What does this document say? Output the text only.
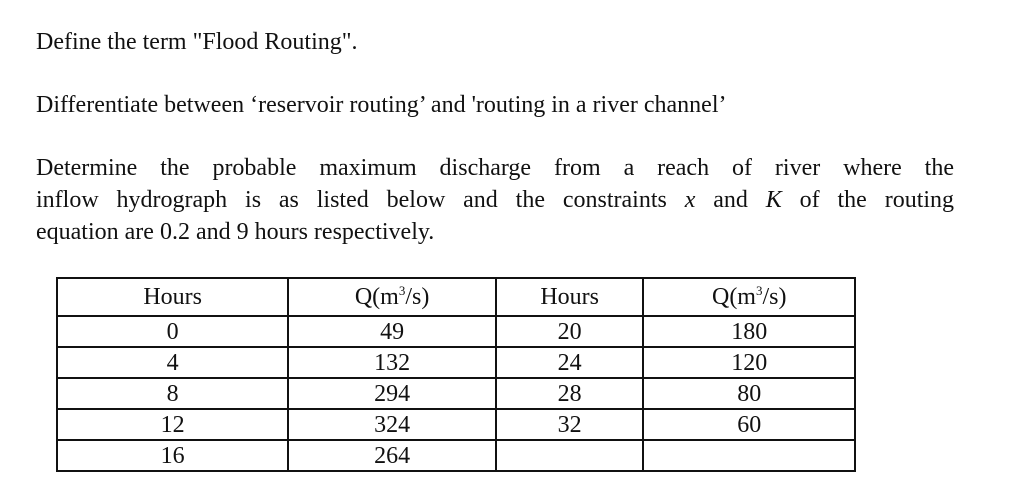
Define the term "Flood Routing".
Differentiate between ‘reservoir routing’ and 'routing in a river channel’
Determine the probable maximum discharge from a reach of river where the
inflow hydrograph is as listed below and the constraints x and K of the routing
equation are 0.2 and 9 hours respectively.
Hours	$Q(m^3/s)$	Hours	$Q(m^3/s)$
0	49	20	180
4	132	24	120
8	294	28	80
12	324	32	60
16	264		
